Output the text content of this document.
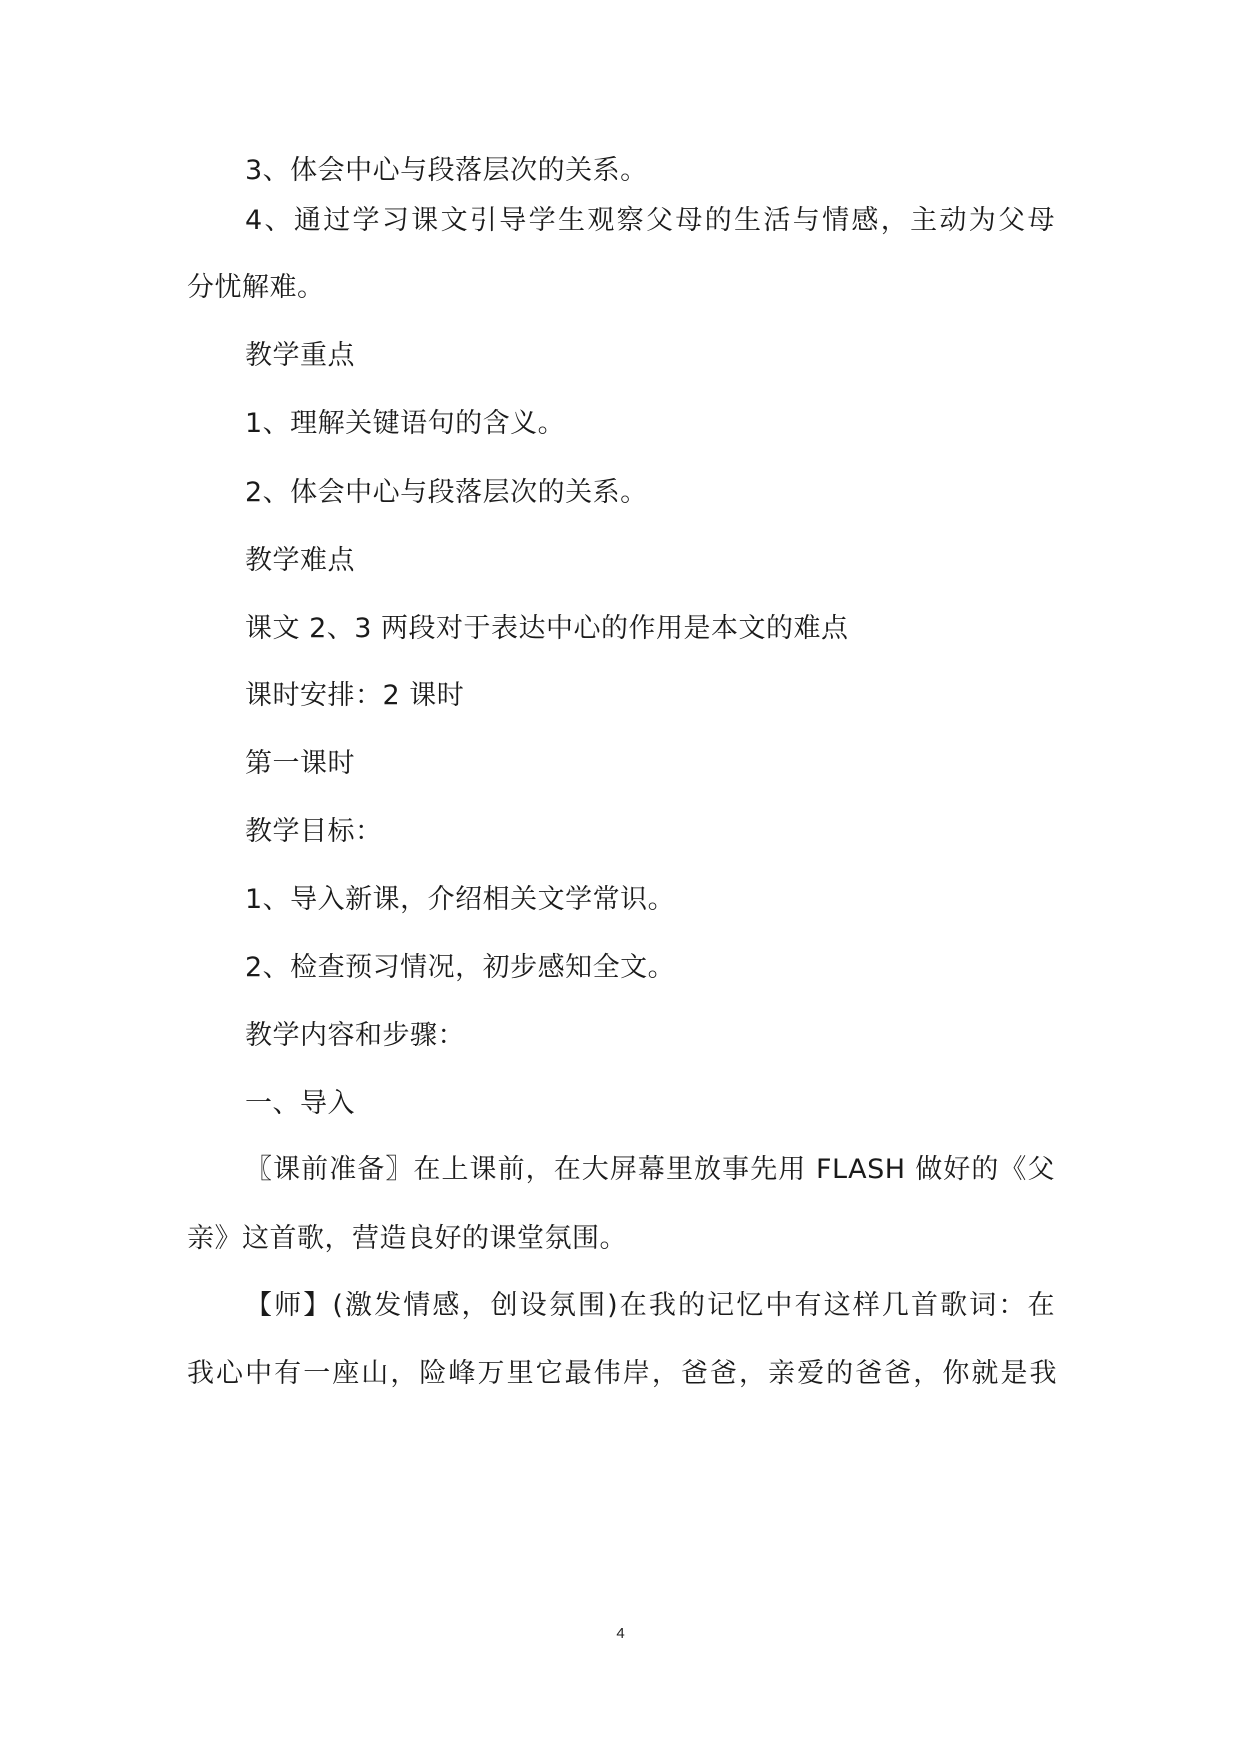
3、体会中心与段落层次的关系。
4、通过学习课文引导学生观察父母的生活与情感，主动为父母
分忧解难。
教学重点
1、理解关键语句的含义。
2、体会中心与段落层次的关系。
教学难点
课文 2、3 两段对于表达中心的作用是本文的难点
课时安排：2 课时
第一课时
教学目标：
1、导入新课，介绍相关文学常识。
2、检查预习情况，初步感知全文。
教学内容和步骤：
一、导入
〖课前准备〗在上课前，在大屏幕里放事先用 FLASH 做好的《父
亲》这首歌，营造良好的课堂氛围。
【师】(激发情感，创设氛围)在我的记忆中有这样几首歌词：在
我心中有一座山，险峰万里它最伟岸，爸爸，亲爱的爸爸，你就是我
4
